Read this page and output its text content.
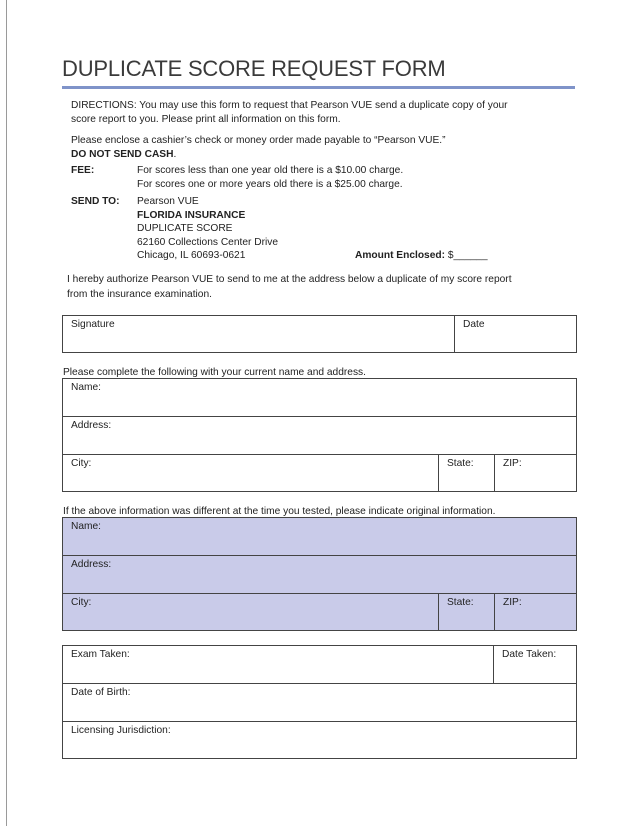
DUPLICATE SCORE REQUEST FORM
DIRECTIONS: You may use this form to request that Pearson VUE send a duplicate copy of your
score report to you. Please print all information on this form.
Please enclose a cashier’s check or money order made payable to “Pearson VUE.”
DO NOT SEND CASH.
FEE:	For scores less than one year old there is a $10.00 charge.
For scores one or more years old there is a $25.00 charge.
SEND TO: Pearson VUE
FLORIDA INSURANCE
DUPLICATE SCORE
62160 Collections Center Drive
Chicago, IL 60693-0621	Amount Enclosed: $______
I hereby authorize Pearson VUE to send to me at the address below a duplicate of my score report
from the insurance examination.
Signature	Date
Please complete the following with your current name and address.
Name:
Address:
City:	State:	ZIP:
If the above information was different at the time you tested, please indicate original information.
Name:
Address:
City:	State:	ZIP:
Exam Taken:	Date Taken:
Date of Birth:
Licensing Jurisdiction:
